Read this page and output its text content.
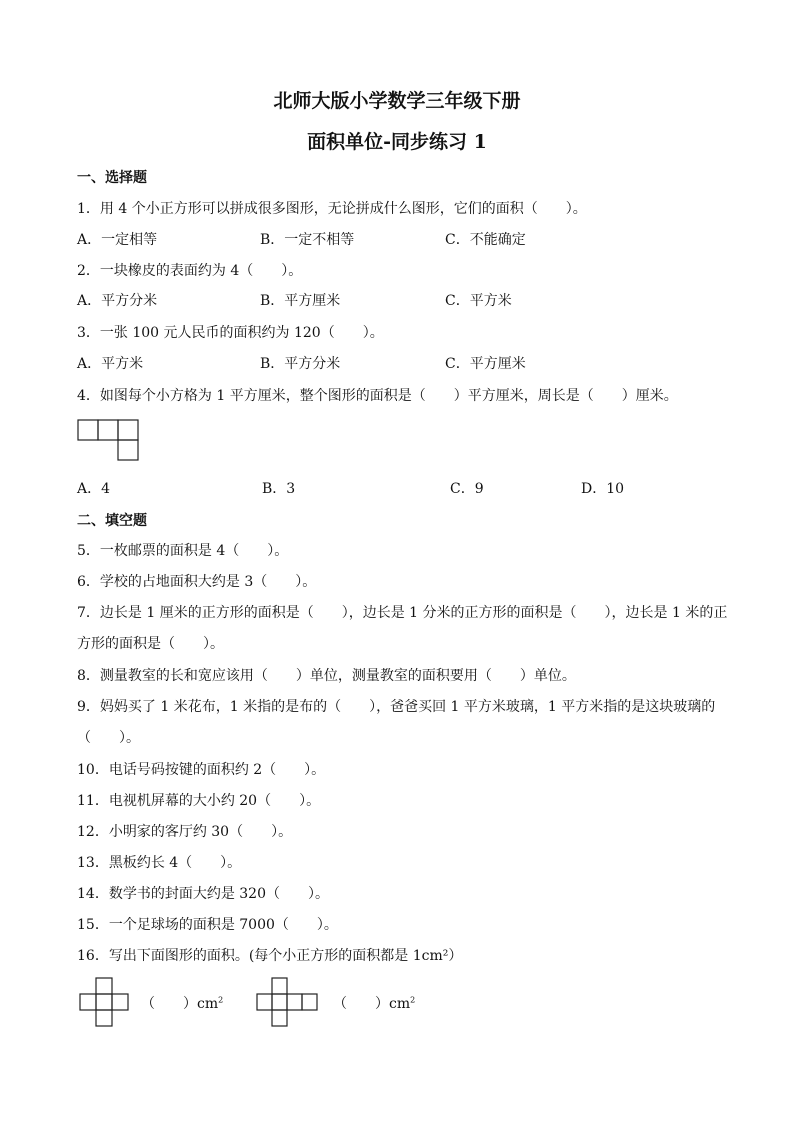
北师大版小学数学三年级下册
面积单位-同步练习 1
一、选择题
1．用 4 个小正方形可以拼成很多图形，无论拼成什么图形，它们的面积（　　）。
A．一定相等	B．一定不相等	C．不能确定
2．一块橡皮的表面约为 4（　　）。
A．平方分米	B．平方厘米	C．平方米
3．一张 100 元人民币的面积约为 120（　　）。
A．平方米	B．平方分米	C．平方厘米
4．如图每个小方格为 1 平方厘米，整个图形的面积是（　　）平方厘米，周长是（　　）厘米。
A．4	B．3	C．9	D．10
二、填空题
5．一枚邮票的面积是 4（　　）。
6．学校的占地面积大约是 3（　　）。
7．边长是 1 厘米的正方形的面积是（　　），边长是 1 分米的正方形的面积是（　　），边长是 1 米的正
方形的面积是（　　）。
8．测量教室的长和宽应该用（　　）单位，测量教室的面积要用（　　）单位。
9．妈妈买了 1 米花布，1 米指的是布的（　　），爸爸买回 1 平方米玻璃，1 平方米指的是这块玻璃的
（　　）。
10．电话号码按键的面积约 2（　　）。
11．电视机屏幕的大小约 20（　　）。
12．小明家的客厅约 30（　　）。
13．黑板约长 4（　　）。
14．数学书的封面大约是 320（　　）。
15．一个足球场的面积是 7000（　　）。
16．写出下面图形的面积。(每个小正方形的面积都是 1cm²）
（　　）$cm^2$	（　　）$cm^2$
